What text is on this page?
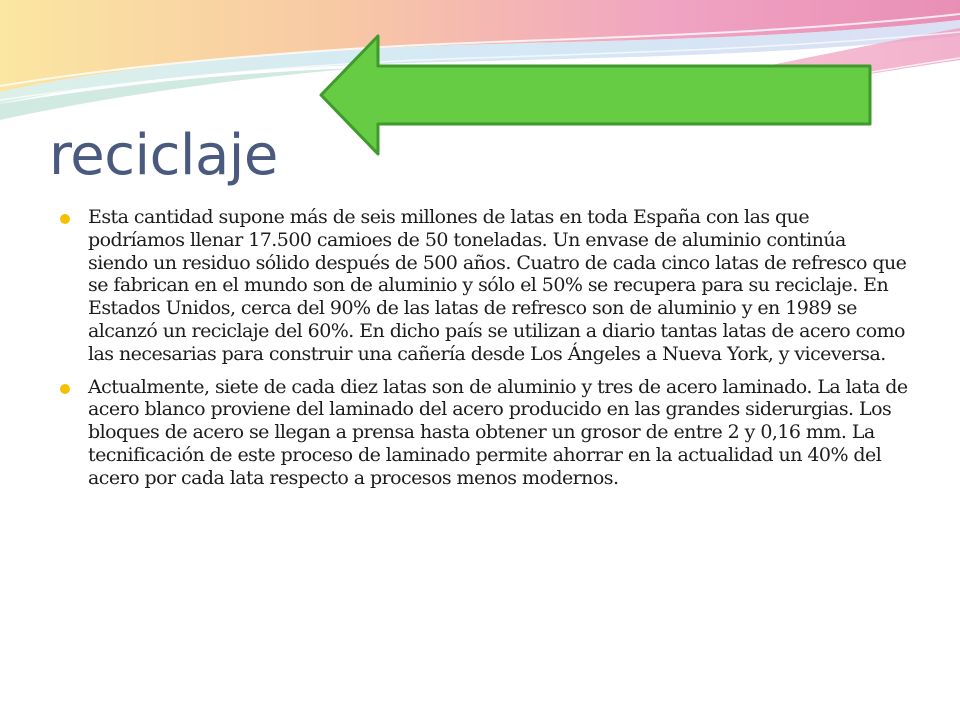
reciclaje
Esta cantidad supone más de seis millones de latas en toda España con las que podríamos llenar 17.500 camioes de 50 toneladas. Un envase de aluminio continúa siendo un residuo sólido después de 500 años. Cuatro de cada cinco latas de refresco que se fabrican en el mundo son de aluminio y sólo el 50% se recupera para su reciclaje. En Estados Unidos, cerca del 90% de las latas de refresco son de aluminio y en 1989 se alcanzó un reciclaje del 60%. En dicho país se utilizan a diario tantas latas de acero como las necesarias para construir una cañería desde Los Ángeles a Nueva York, y viceversa.
Actualmente, siete de cada diez latas son de aluminio y tres de acero laminado. La lata de acero blanco proviene del laminado del acero producido en las grandes siderurgias. Los bloques de acero se llegan a prensa hasta obtener un grosor de entre 2 y 0,16 mm. La tecnificación de este proceso de laminado permite ahorrar en la actualidad un 40% del acero por cada lata respecto a procesos menos modernos.
